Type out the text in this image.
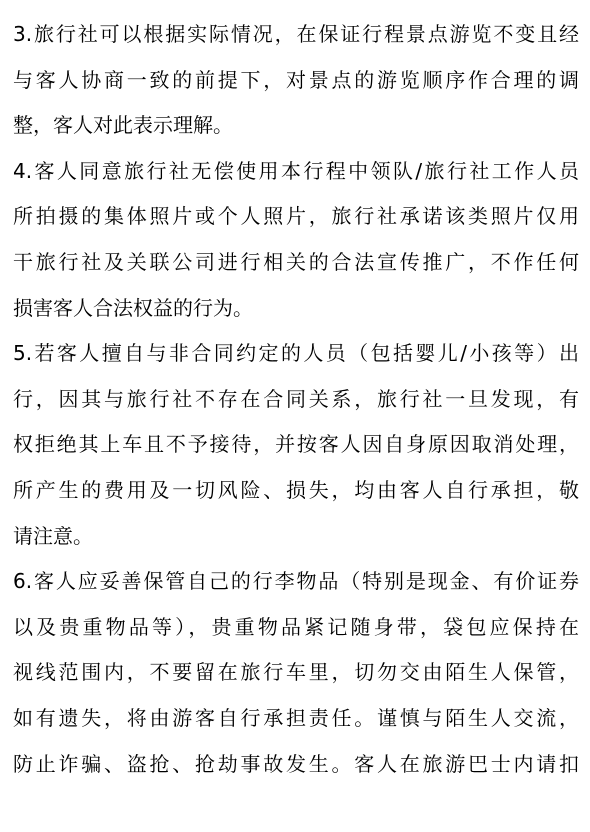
3.旅行社可以根据实际情况，在保证行程景点游览不变且经
与客人协商一致的前提下，对景点的游览顺序作合理的调
整，客人对此表示理解。
4.客人同意旅行社无偿使用本行程中领队/旅行社工作人员
所拍摄的集体照片或个人照片，旅行社承诺该类照片仅用
干旅行社及关联公司进行相关的合法宣传推广，不作任何
损害客人合法权益的行为。
5.若客人擅自与非合同约定的人员（包括婴儿/小孩等）出
行，因其与旅行社不存在合同关系，旅行社一旦发现，有
权拒绝其上车且不予接待，并按客人因自身原因取消处理，
所产生的费用及一切风险、损失，均由客人自行承担，敬
请注意。
6.客人应妥善保管自己的行李物品（特别是现金、有价证券
以及贵重物品等），贵重物品紧记随身带，袋包应保持在
视线范围内，不要留在旅行车里，切勿交由陌生人保管，
如有遗失，将由游客自行承担责任。谨慎与陌生人交流，
防止诈骗、盗抢、抢劫事故发生。客人在旅游巴士内请扣
